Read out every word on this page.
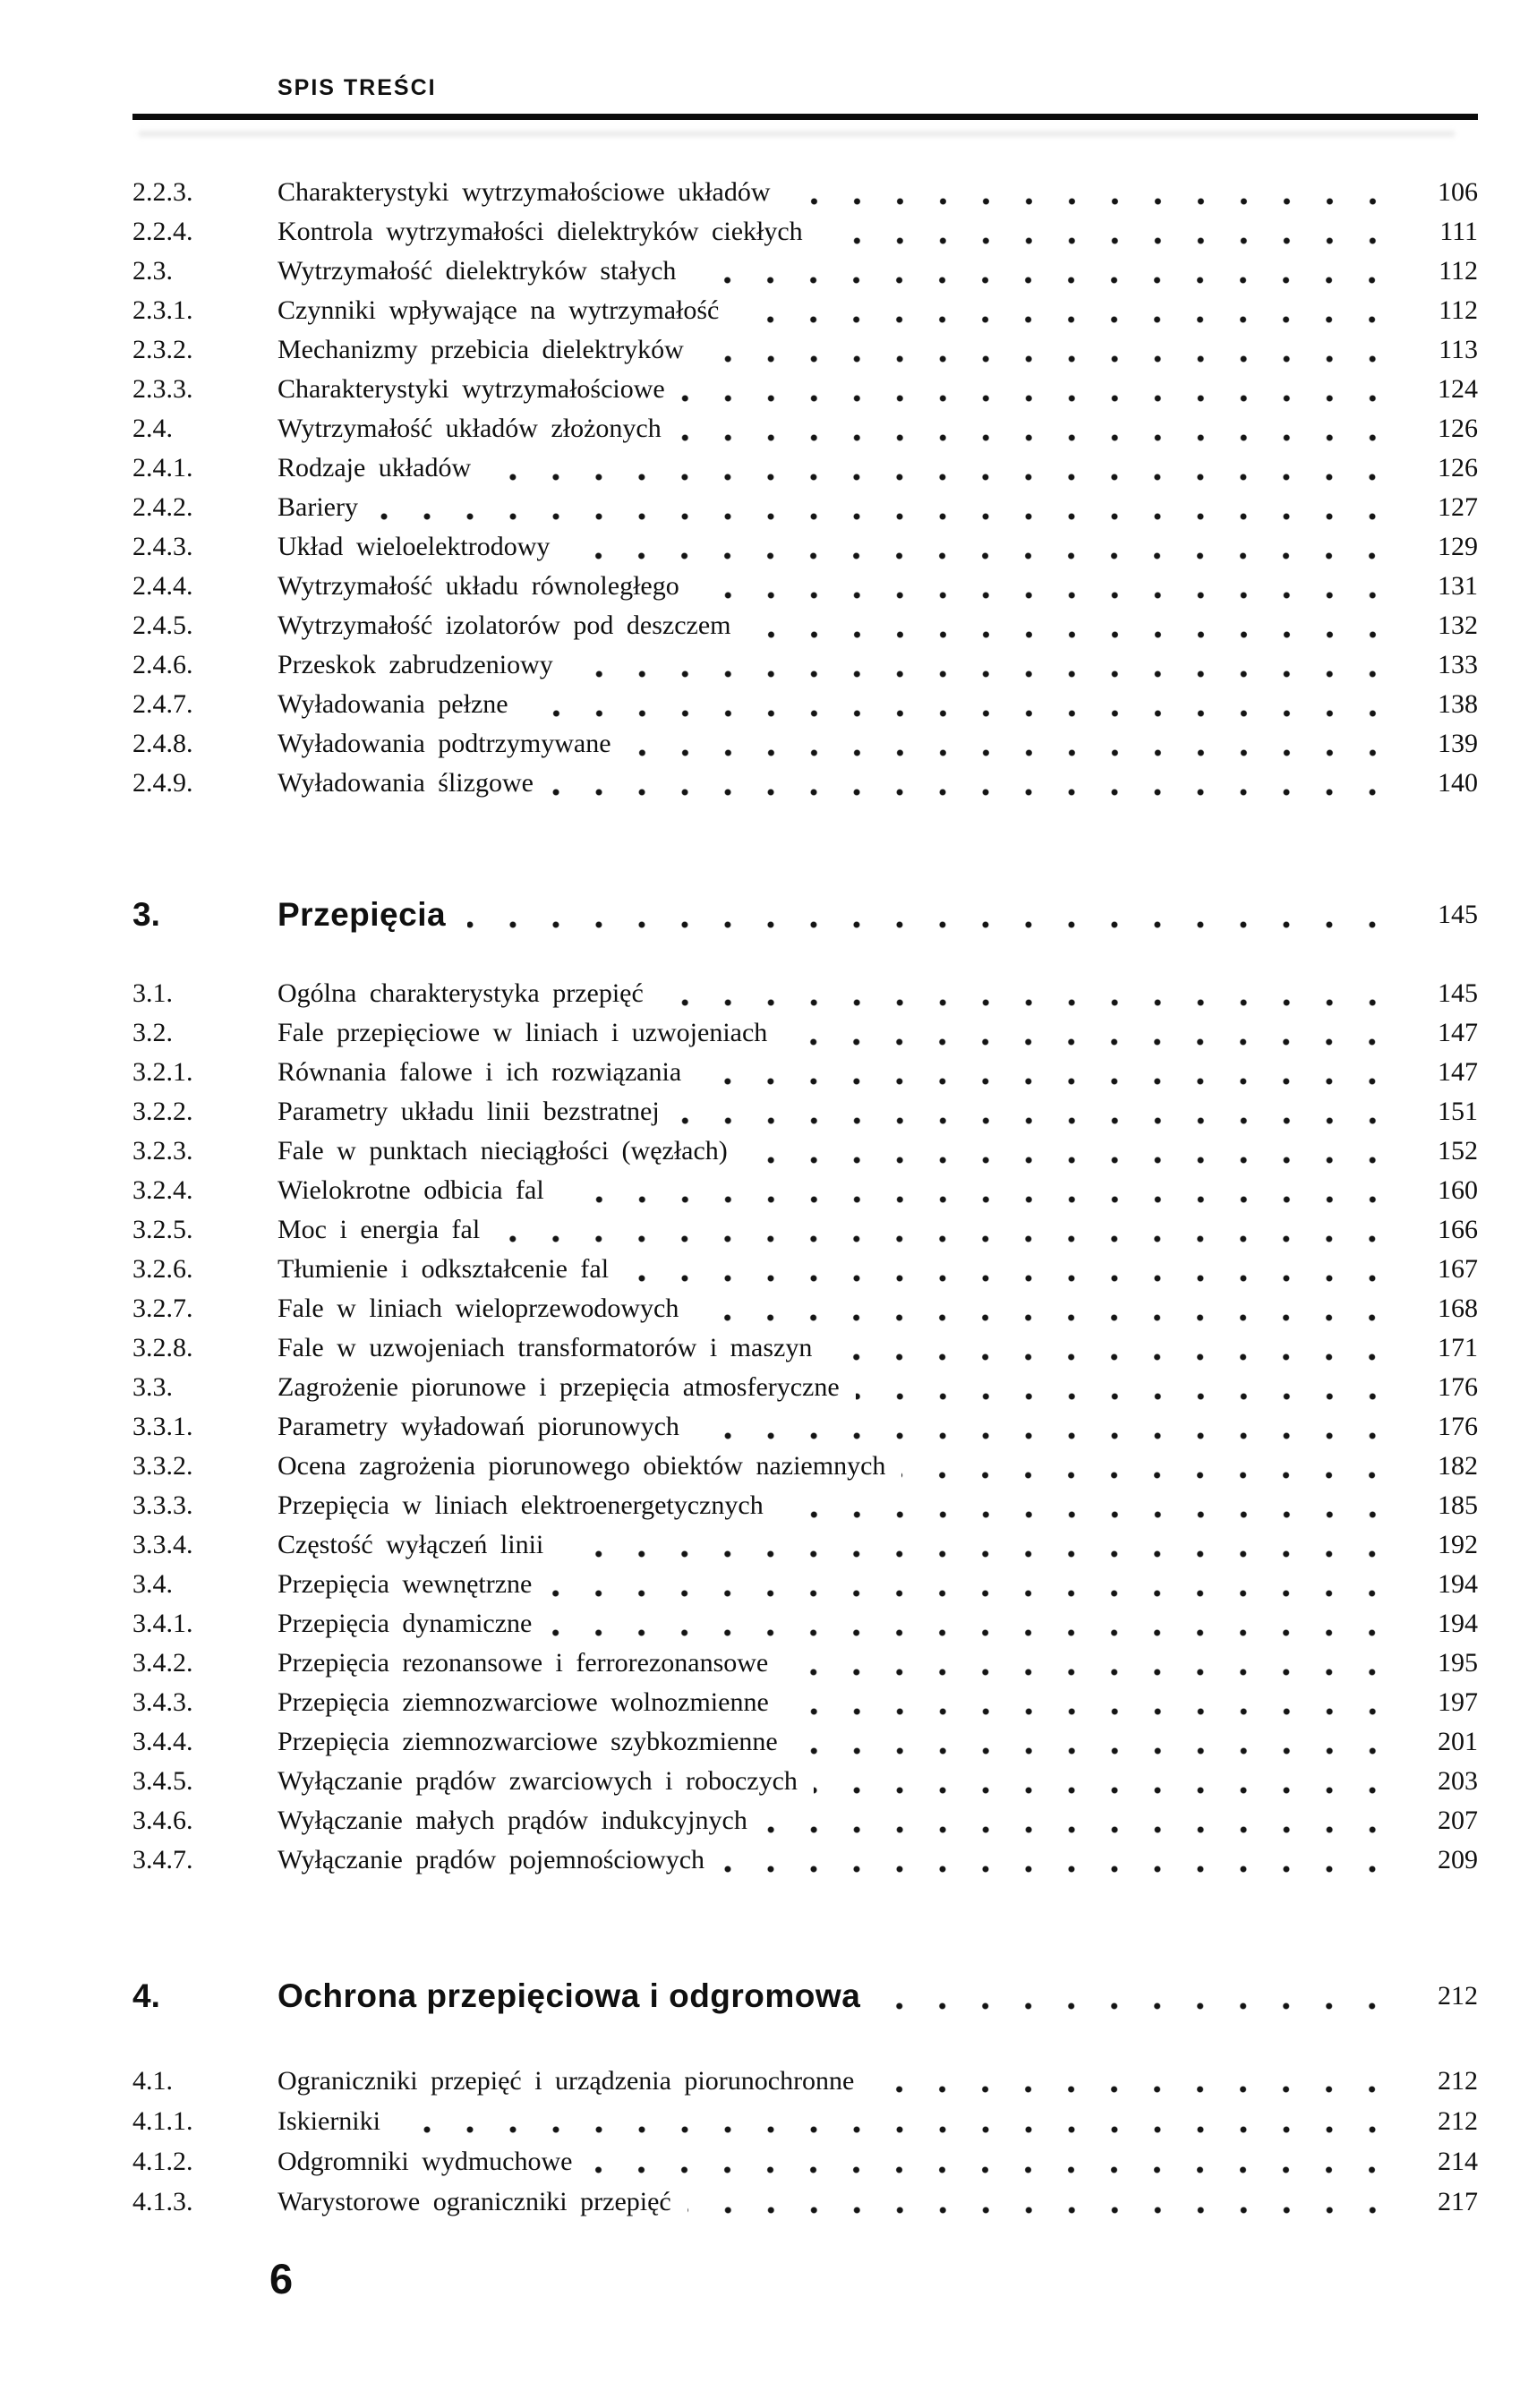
SPIS TREŚCI
2.2.3.	Charakterystyki wytrzymałościowe układów	106
2.2.4.	Kontrola wytrzymałości dielektryków ciekłych	111
2.3.	Wytrzymałość dielektryków stałych	112
2.3.1.	Czynniki wpływające na wytrzymałość	112
2.3.2.	Mechanizmy przebicia dielektryków	113
2.3.3.	Charakterystyki wytrzymałościowe	124
2.4.	Wytrzymałość układów złożonych	126
2.4.1.	Rodzaje układów	126
2.4.2.	Bariery	127
2.4.3.	Układ wieloelektrodowy	129
2.4.4.	Wytrzymałość układu równoległego	131
2.4.5.	Wytrzymałość izolatorów pod deszczem	132
2.4.6.	Przeskok zabrudzeniowy	133
2.4.7.	Wyładowania pełzne	138
2.4.8.	Wyładowania podtrzymywane	139
2.4.9.	Wyładowania ślizgowe	140
3.	Przepięcia	145
3.1.	Ogólna charakterystyka przepięć	145
3.2.	Fale przepięciowe w liniach i uzwojeniach	147
3.2.1.	Równania falowe i ich rozwiązania	147
3.2.2.	Parametry układu linii bezstratnej	151
3.2.3.	Fale w punktach nieciągłości (węzłach)	152
3.2.4.	Wielokrotne odbicia fal	160
3.2.5.	Moc i energia fal	166
3.2.6.	Tłumienie i odkształcenie fal	167
3.2.7.	Fale w liniach wieloprzewodowych	168
3.2.8.	Fale w uzwojeniach transformatorów i maszyn	171
3.3.	Zagrożenie piorunowe i przepięcia atmosferyczne	176
3.3.1.	Parametry wyładowań piorunowych	176
3.3.2.	Ocena zagrożenia piorunowego obiektów naziemnych	182
3.3.3.	Przepięcia w liniach elektroenergetycznych	185
3.3.4.	Częstość wyłączeń linii	192
3.4.	Przepięcia wewnętrzne	194
3.4.1.	Przepięcia dynamiczne	194
3.4.2.	Przepięcia rezonansowe i ferrorezonansowe	195
3.4.3.	Przepięcia ziemnozwarciowe wolnozmienne	197
3.4.4.	Przepięcia ziemnozwarciowe szybkozmienne	201
3.4.5.	Wyłączanie prądów zwarciowych i roboczych	203
3.4.6.	Wyłączanie małych prądów indukcyjnych	207
3.4.7.	Wyłączanie prądów pojemnościowych	209
4.	Ochrona przepięciowa i odgromowa	212
4.1.	Ograniczniki przepięć i urządzenia piorunochronne	212
4.1.1.	Iskierniki	212
4.1.2.	Odgromniki wydmuchowe	214
4.1.3.	Warystorowe ograniczniki przepięć	217
6
